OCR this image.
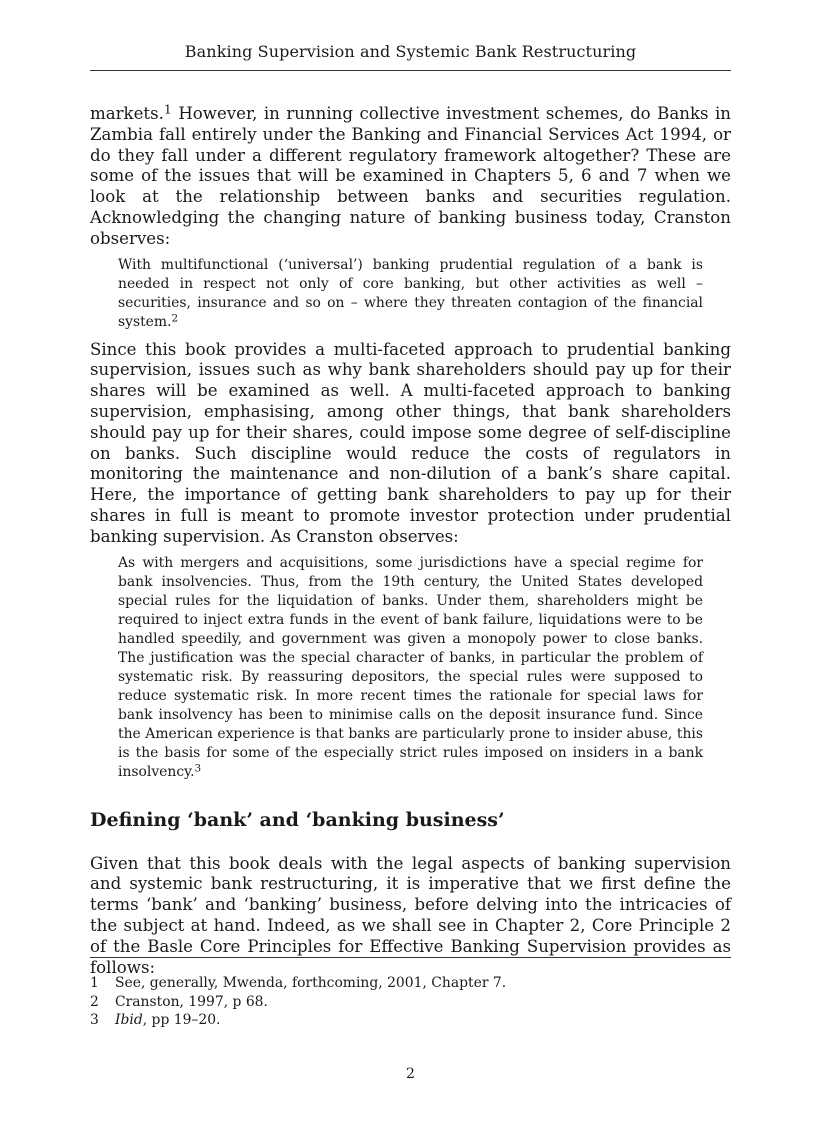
Banking Supervision and Systemic Bank Restructuring

markets.$^1$ However, in running collective investment schemes, do Banks in Zambia fall entirely under the Banking and Financial Services Act 1994, or do they fall under a different regulatory framework altogether? These are some of the issues that will be examined in Chapters 5, 6 and 7 when we look at the relationship between banks and securities regulation. Acknowledging the changing nature of banking business today, Cranston observes:

With multifunctional (‘universal’) banking prudential regulation of a bank is needed in respect not only of core banking, but other activities as well – securities, insurance and so on – where they threaten contagion of the financial system.$^2$

Since this book provides a multi-faceted approach to prudential banking supervision, issues such as why bank shareholders should pay up for their shares will be examined as well. A multi-faceted approach to banking supervision, emphasising, among other things, that bank shareholders should pay up for their shares, could impose some degree of self-discipline on banks. Such discipline would reduce the costs of regulators in monitoring the maintenance and non-dilution of a bank’s share capital. Here, the importance of getting bank shareholders to pay up for their shares in full is meant to promote investor protection under prudential banking supervision. As Cranston observes:

As with mergers and acquisitions, some jurisdictions have a special regime for bank insolvencies. Thus, from the 19th century, the United States developed special rules for the liquidation of banks. Under them, shareholders might be required to inject extra funds in the event of bank failure, liquidations were to be handled speedily, and government was given a monopoly power to close banks. The justification was the special character of banks, in particular the problem of systematic risk. By reassuring depositors, the special rules were supposed to reduce systematic risk. In more recent times the rationale for special laws for bank insolvency has been to minimise calls on the deposit insurance fund. Since the American experience is that banks are particularly prone to insider abuse, this is the basis for some of the especially strict rules imposed on insiders in a bank insolvency.$^3$
Defining ‘bank’ and ‘banking business’

Given that this book deals with the legal aspects of banking supervision and systemic bank restructuring, it is imperative that we first define the terms ‘bank’ and ‘banking’ business, before delving into the intricacies of the subject at hand. Indeed, as we shall see in Chapter 2, Core Principle 2 of the Basle Core Principles for Effective Banking Supervision provides as follows:

1	See, generally, Mwenda, forthcoming, 2001, Chapter 7.
2	Cranston, 1997, p 68.
3	Ibid, pp 19–20.
2
